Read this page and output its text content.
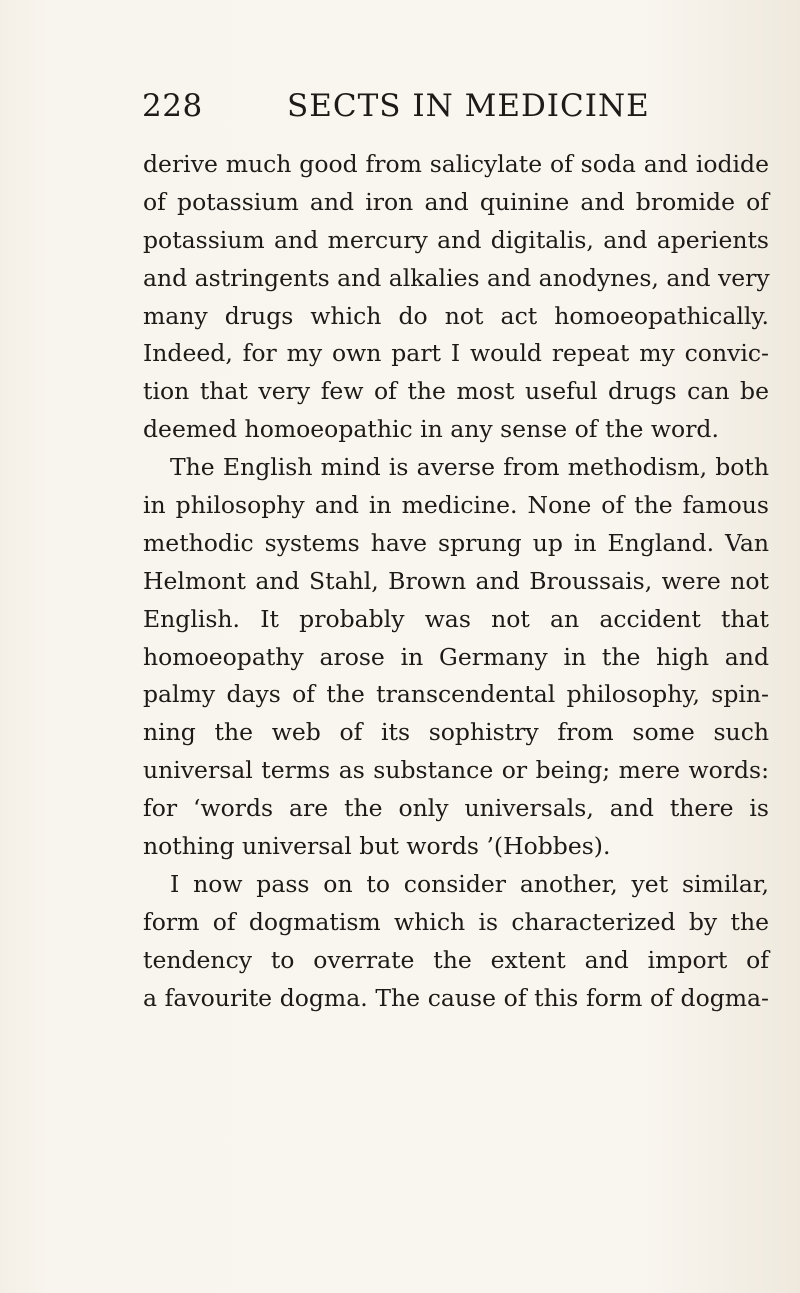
228	SECTS IN MEDICINE
derive much good from salicylate of soda and iodide
of potassium and iron and quinine and bromide of
potassium and mercury and digitalis, and aperients
and astringents and alkalies and anodynes, and very
many drugs which do not act homoeopathically.
Indeed, for my own part I would repeat my convic-
tion that very few of the most useful drugs can be
deemed homoeopathic in any sense of the word.
The English mind is averse from methodism, both
in philosophy and in medicine. None of the famous
methodic systems have sprung up in England. Van
Helmont and Stahl, Brown and Broussais, were not
English. It probably was not an accident that
homoeopathy arose in Germany in the high and
palmy days of the transcendental philosophy, spin-
ning the web of its sophistry from some such
universal terms as substance or being; mere words:
for ‘words are the only universals, and there is
nothing universal but words ’(Hobbes).
I now pass on to consider another, yet similar,
form of dogmatism which is characterized by the
tendency to overrate the extent and import of
a favourite dogma. The cause of this form of dogma-
